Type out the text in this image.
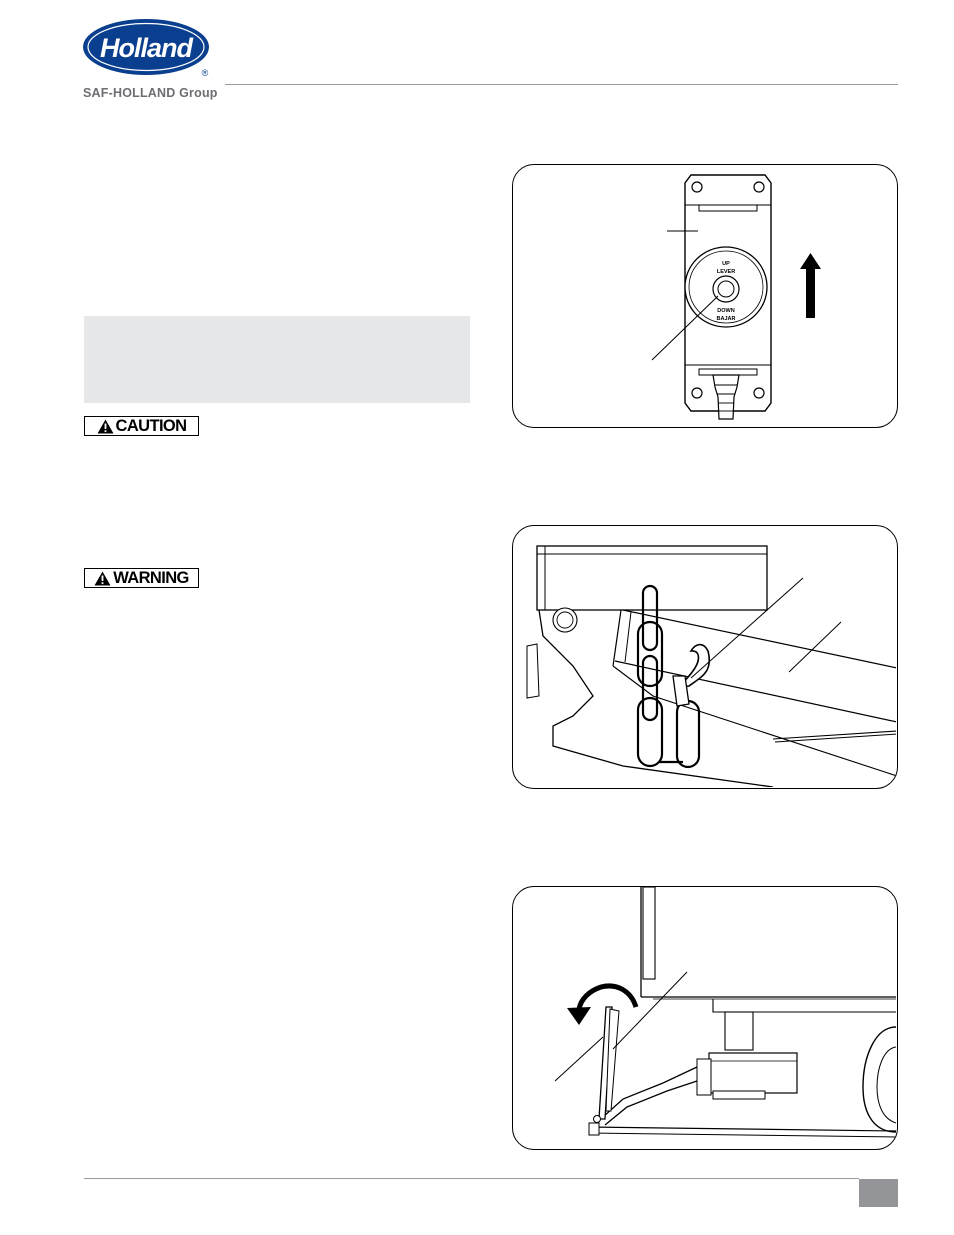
Holland
®
SAF-HOLLAND Group
CAUTION
WARNING
UP
LEVER
DOWN
BAJAR
